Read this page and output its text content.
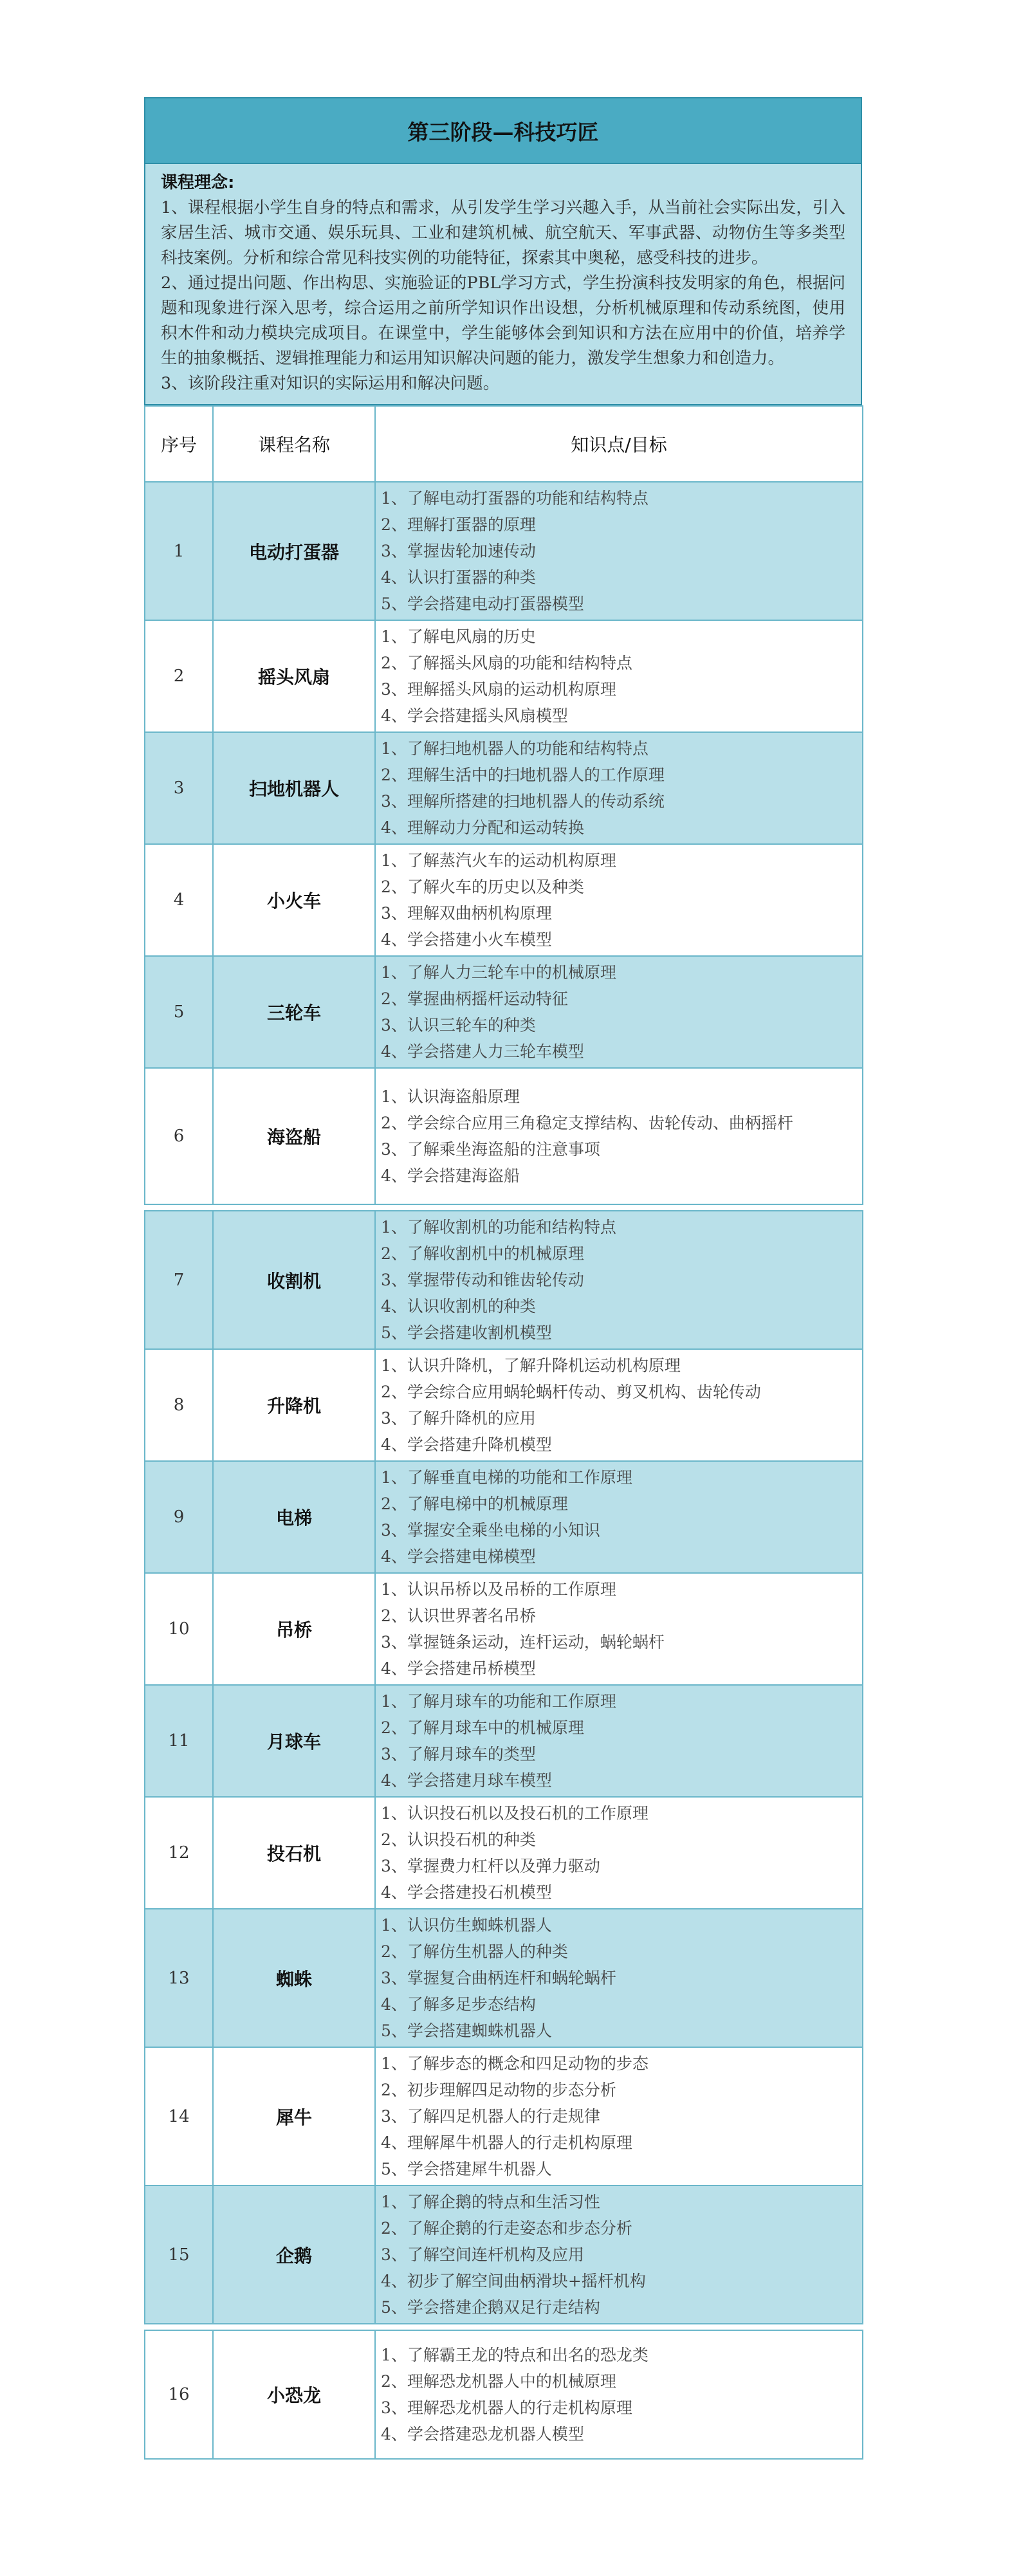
第三阶段—科技巧匠
课程理念:

1、课程根据小学生自身的特点和需求，从引发学生学习兴趣入手，从当前社会实际出发，引入家居生活、城市交通、娱乐玩具、工业和建筑机械、航空航天、军事武器、动物仿生等多类型科技案例。分析和综合常见科技实例的功能特征，探索其中奥秘，感受科技的进步。

2、通过提出问题、作出构思、实施验证的PBL学习方式，学生扮演科技发明家的角色，根据问题和现象进行深入思考，综合运用之前所学知识作出设想，分析机械原理和传动系统图，使用积木件和动力模块完成项目。在课堂中，学生能够体会到知识和方法在应用中的价值，培养学生的抽象概括、逻辑推理能力和运用知识解决问题的能力，激发学生想象力和创造力。

3、该阶段注重对知识的实际运用和解决问题。

序号	课程名称	知识点/目标
1	电动打蛋器	1、了解电动打蛋器的功能和结构特点
2、理解打蛋器的原理
3、掌握齿轮加速传动
4、认识打蛋器的种类
5、学会搭建电动打蛋器模型

2	摇头风扇	1、了解电风扇的历史
2、了解摇头风扇的功能和结构特点
3、理解摇头风扇的运动机构原理
4、学会搭建摇头风扇模型

3	扫地机器人	1、了解扫地机器人的功能和结构特点
2、理解生活中的扫地机器人的工作原理
3、理解所搭建的扫地机器人的传动系统
4、理解动力分配和运动转换

4	小火车	1、了解蒸汽火车的运动机构原理
2、了解火车的历史以及种类
3、理解双曲柄机构原理
4、学会搭建小火车模型

5	三轮车	1、了解人力三轮车中的机械原理
2、掌握曲柄摇杆运动特征
3、认识三轮车的种类
4、学会搭建人力三轮车模型

6	海盗船	1、认识海盗船原理
2、学会综合应用三角稳定支撑结构、齿轮传动、曲柄摇杆
3、了解乘坐海盗船的注意事项
4、学会搭建海盗船

7	收割机	1、了解收割机的功能和结构特点
2、了解收割机中的机械原理
3、掌握带传动和锥齿轮传动
4、认识收割机的种类
5、学会搭建收割机模型

8	升降机	1、认识升降机，了解升降机运动机构原理
2、学会综合应用蜗轮蜗杆传动、剪叉机构、齿轮传动
3、了解升降机的应用
4、学会搭建升降机模型

9	电梯	1、了解垂直电梯的功能和工作原理
2、了解电梯中的机械原理
3、掌握安全乘坐电梯的小知识
4、学会搭建电梯模型

10	吊桥	1、认识吊桥以及吊桥的工作原理
2、认识世界著名吊桥
3、掌握链条运动，连杆运动，蜗轮蜗杆
4、学会搭建吊桥模型

11	月球车	1、了解月球车的功能和工作原理
2、了解月球车中的机械原理
3、了解月球车的类型
4、学会搭建月球车模型

12	投石机	1、认识投石机以及投石机的工作原理
2、认识投石机的种类
3、掌握费力杠杆以及弹力驱动
4、学会搭建投石机模型

13	蜘蛛	1、认识仿生蜘蛛机器人
2、了解仿生机器人的种类
3、掌握复合曲柄连杆和蜗轮蜗杆
4、了解多足步态结构
5、学会搭建蜘蛛机器人

14	犀牛	1、了解步态的概念和四足动物的步态
2、初步理解四足动物的步态分析
3、了解四足机器人的行走规律
4、理解犀牛机器人的行走机构原理
5、学会搭建犀牛机器人

15	企鹅	1、了解企鹅的特点和生活习性
2、了解企鹅的行走姿态和步态分析
3、了解空间连杆机构及应用
4、初步了解空间曲柄滑块+摇杆机构
5、学会搭建企鹅双足行走结构

16	小恐龙	1、了解霸王龙的特点和出名的恐龙类
2、理解恐龙机器人中的机械原理
3、理解恐龙机器人的行走机构原理
4、学会搭建恐龙机器人模型
